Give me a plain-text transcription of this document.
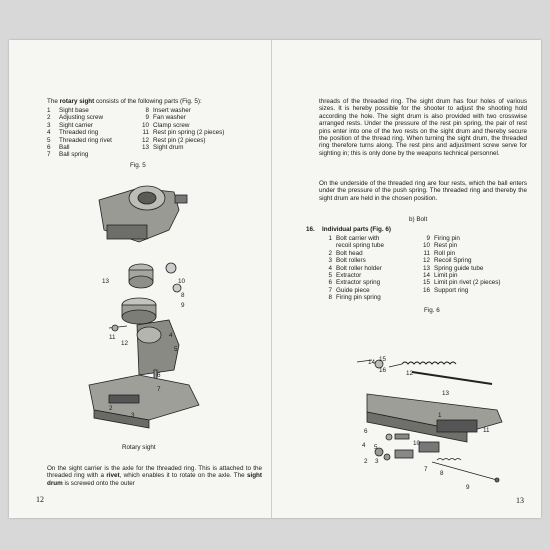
The rotary sight consists of the following parts (Fig. 5):
1	Sight base
2	Adjusting screw
3	Sight carrier
4	Threaded ring
5	Threaded ring rivet
6	Ball
7	Ball spring
8 Insert washer
9 Fan washer
10 Clamp screw
11 Rest pin spring (2 pieces)
12 Rest pin (2 pieces)
13 Sight drum
Fig. 5
13	10
8
9
11
12
4
5
6
7
2
3
Rotary sight
On the sight carrier is the axle for the threaded ring. This is attached to the threaded ring with a rivet, which enables it to rotate on the axle. The sight drum is screwed onto the outer
12
threads of the threaded ring. The sight drum has four holes of various sizes. It is hereby possible for the shooter to adjust the shooting hold according the hole. The sight drum is also provided with two crosswise arranged rests. Under the pressure of the rest pin spring, the pair of rest pins enter into one of the two rests on the sight drum and thereby secure the position of the thread ring. When turning the sight drum, the threaded ring therefore turns along. The rest pins and adjustment screw serve for sighting in; this is only done by the weapons technical personnel.
On the underside of the threaded ring are four rests, which the ball enters under the pressure of the push spring. The threaded ring and thereby the sight drum are held in the chosen position.
b) Bolt
16. Individual parts (Fig. 6)
1 Bolt carrier with
recoil spring tube
2 Bolt head
3 Bolt rollers
4 Bolt roller holder
5 Extractor
6 Extractor spring
7 Guide piece
8 Firing pin spring
9 Firing pin
10 Rest pin
11 Roll pin
12 Recoil Spring
13 Spring guide tube
14 Limit pin
15 Limit pin rivet (2 pieces)
16 Support ring
Fig. 6
14 15
16	12
13
1
11
6
4 5
10
2 3
7
8
9
13
